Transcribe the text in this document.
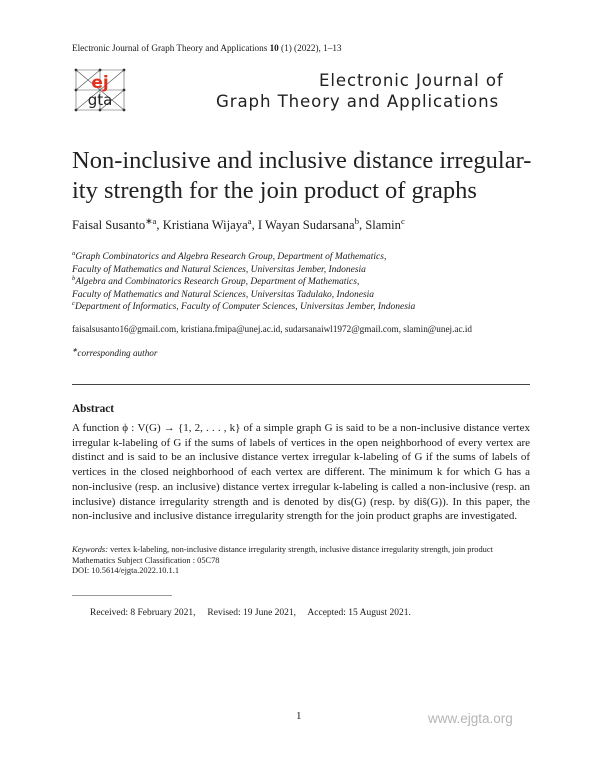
Electronic Journal of Graph Theory and Applications 10 (1) (2022), 1–13
ej
gta
Electronic Journal of
Graph Theory and Applications
Non-inclusive and inclusive distance irregular-
ity strength for the join product of graphs
Faisal Susanto$^{∗a}$, Kristiana Wijaya$^a$, I Wayan Sudarsana$^b$, Slamin$^c$
$^a$Graph Combinatorics and Algebra Research Group, Department of Mathematics,
Faculty of Mathematics and Natural Sciences, Universitas Jember, Indonesia
$^b$Algebra and Combinatorics Research Group, Department of Mathematics,
Faculty of Mathematics and Natural Sciences, Universitas Tadulako, Indonesia
$^c$Department of Informatics, Faculty of Computer Sciences, Universitas Jember, Indonesia
faisalsusanto16@gmail.com, kristiana.fmipa@unej.ac.id, sudarsanaiwl1972@gmail.com, slamin@unej.ac.id
∗corresponding author
Abstract
A function ϕ : V(G) → {1, 2, . . . , k} of a simple graph G is said to be a non-inclusive distance vertex irregular k-labeling of G if the sums of labels of vertices in the open neighborhood of every vertex are distinct and is said to be an inclusive distance vertex irregular k-labeling of G if the sums of labels of vertices in the closed neighborhood of each vertex are different. The minimum k for which G has a non-inclusive (resp. an inclusive) distance vertex irregular k-labeling is called a non-inclusive (resp. an inclusive) distance irregularity strength and is denoted by dis(G) (resp. by diŝ(G)). In this paper, the non-inclusive and inclusive distance irregularity strength for the join product graphs are investigated.
Keywords: vertex k-labeling, non-inclusive distance irregularity strength, inclusive distance irregularity strength, join product
Mathematics Subject Classification : 05C78
DOI: 10.5614/ejgta.2022.10.1.1
Received: 8 February 2021,     Revised: 19 June 2021,     Accepted: 15 August 2021.
1	www.ejgta.org
